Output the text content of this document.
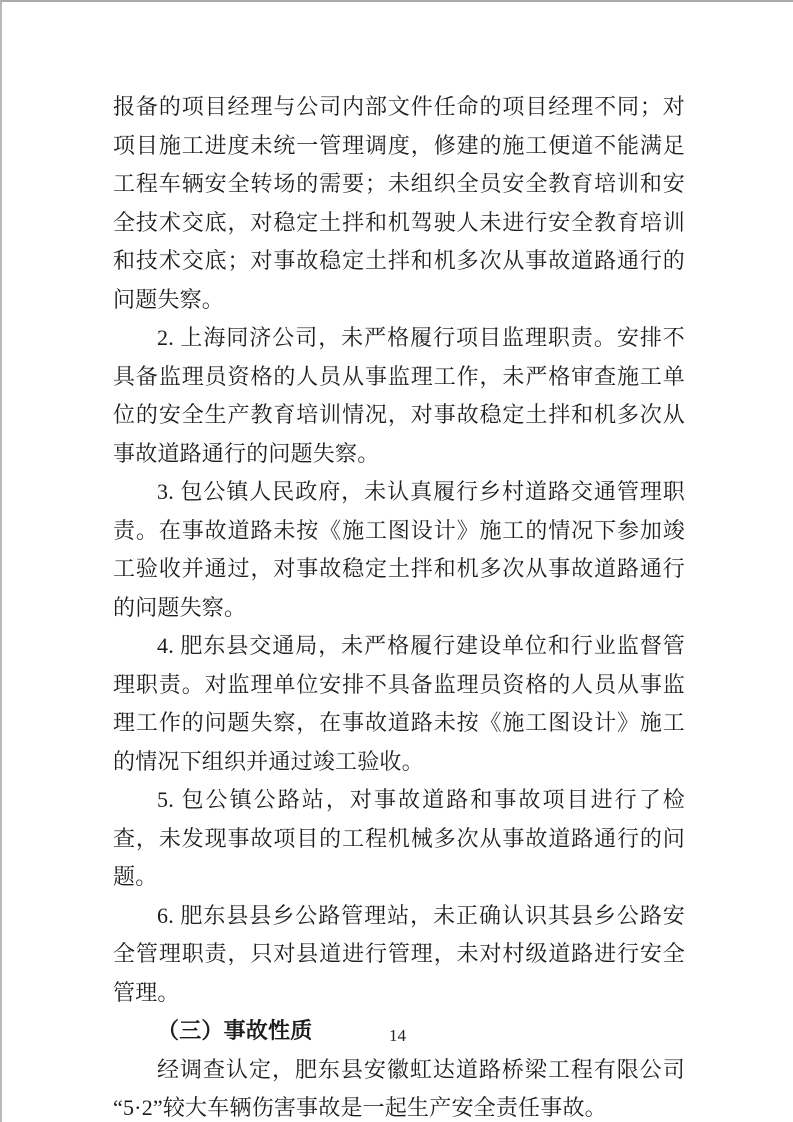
报备的项目经理与公司内部文件任命的项目经理不同；对项目施工进度未统一管理调度，修建的施工便道不能满足工程车辆安全转场的需要；未组织全员安全教育培训和安全技术交底，对稳定土拌和机驾驶人未进行安全教育培训和技术交底；对事故稳定土拌和机多次从事故道路通行的问题失察。

2. 上海同济公司，未严格履行项目监理职责。安排不具备监理员资格的人员从事监理工作，未严格审查施工单位的安全生产教育培训情况，对事故稳定土拌和机多次从事故道路通行的问题失察。

3. 包公镇人民政府，未认真履行乡村道路交通管理职责。在事故道路未按《施工图设计》施工的情况下参加竣工验收并通过，对事故稳定土拌和机多次从事故道路通行的问题失察。

4. 肥东县交通局，未严格履行建设单位和行业监督管理职责。对监理单位安排不具备监理员资格的人员从事监理工作的问题失察，在事故道路未按《施工图设计》施工的情况下组织并通过竣工验收。

5. 包公镇公路站，对事故道路和事故项目进行了检查，未发现事故项目的工程机械多次从事故道路通行的问题。

6. 肥东县县乡公路管理站，未正确认识其县乡公路安全管理职责，只对县道进行管理，未对村级道路进行安全管理。

（三）事故性质

经调查认定，肥东县安徽虹达道路桥梁工程有限公司“5·2”较大车辆伤害事故是一起生产安全责任事故。

14
